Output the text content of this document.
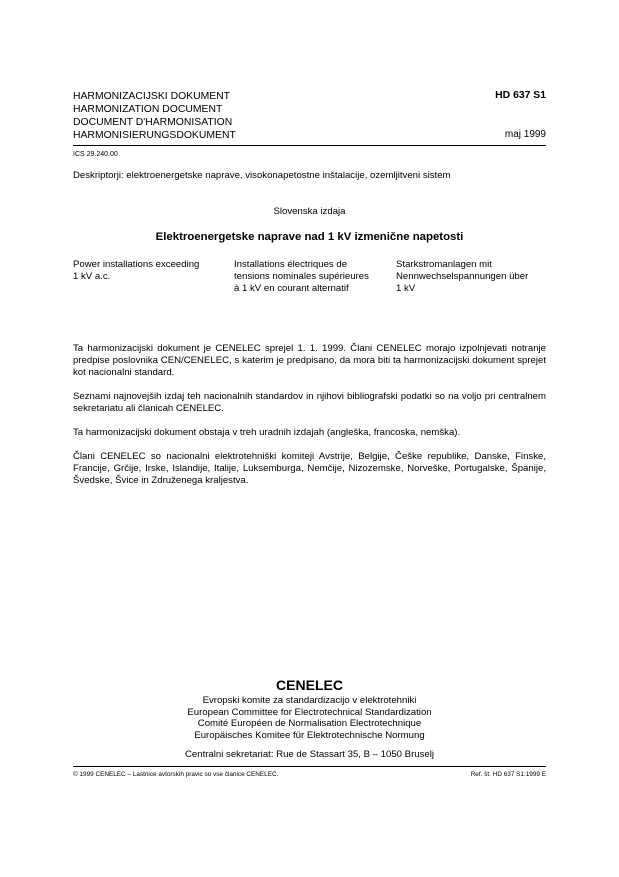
HARMONIZACIJSKI DOKUMENT
HARMONIZATION DOCUMENT
DOCUMENT D'HARMONISATION
HARMONISIERUNGSDOKUMENT
HD 637 S1
maj 1999
ICS 29.240.00
Deskriptorji: elektroenergetske naprave, visokonapetostne inštalacije, ozemljitveni sistem
Slovenska izdaja
Elektroenergetske naprave nad 1 kV izmenične napetosti
Power installations exceeding
1 kV a.c.
Installations électriques de
tensions nominales supérieures
à 1 kV en courant alternatif
Starkstromanlagen mit
Nennwechselspannungen über
1 kV
Ta harmonizacijski dokument je CENELEC sprejel 1. 1. 1999. Člani CENELEC morajo izpolnjevati notranje predpise poslovnika CEN/CENELEC, s katerim je predpisano, da mora biti ta harmonizacijski dokument sprejet kot nacionalni standard.
Seznami najnovejših izdaj teh nacionalnih standardov in njihovi bibliografski podatki so na voljo pri centralnem sekretariatu ali članicah CENELEC.
Ta harmonizacijski dokument obstaja v treh uradnih izdajah (angleška, francoska, nemška).
Člani CENELEC so nacionalni elektrotehniški komiteji Avstrije, Belgije, Češke republike, Danske, Finske, Francije, Grčije, Irske, Islandije, Italije, Luksemburga, Nemčije, Nizozemske, Norveške, Portugalske, Španije, Švedske, Švice in Združenega kraljestva.
CENELEC
Evropski komite za standardizacijo v elektrotehniki
European Committee for Electrotechnical Standardization
Comité Européen de Normalisation Electrotechnique
Europäisches Komitee für Elektrotechnische Normung
Centralni sekretariat: Rue de Stassart 35, B – 1050 Bruselj
© 1999 CENELEC – Lastnice avtorskih pravic so vse članice CENELEC.	Ref. št. HD 637 S1:1999 E
